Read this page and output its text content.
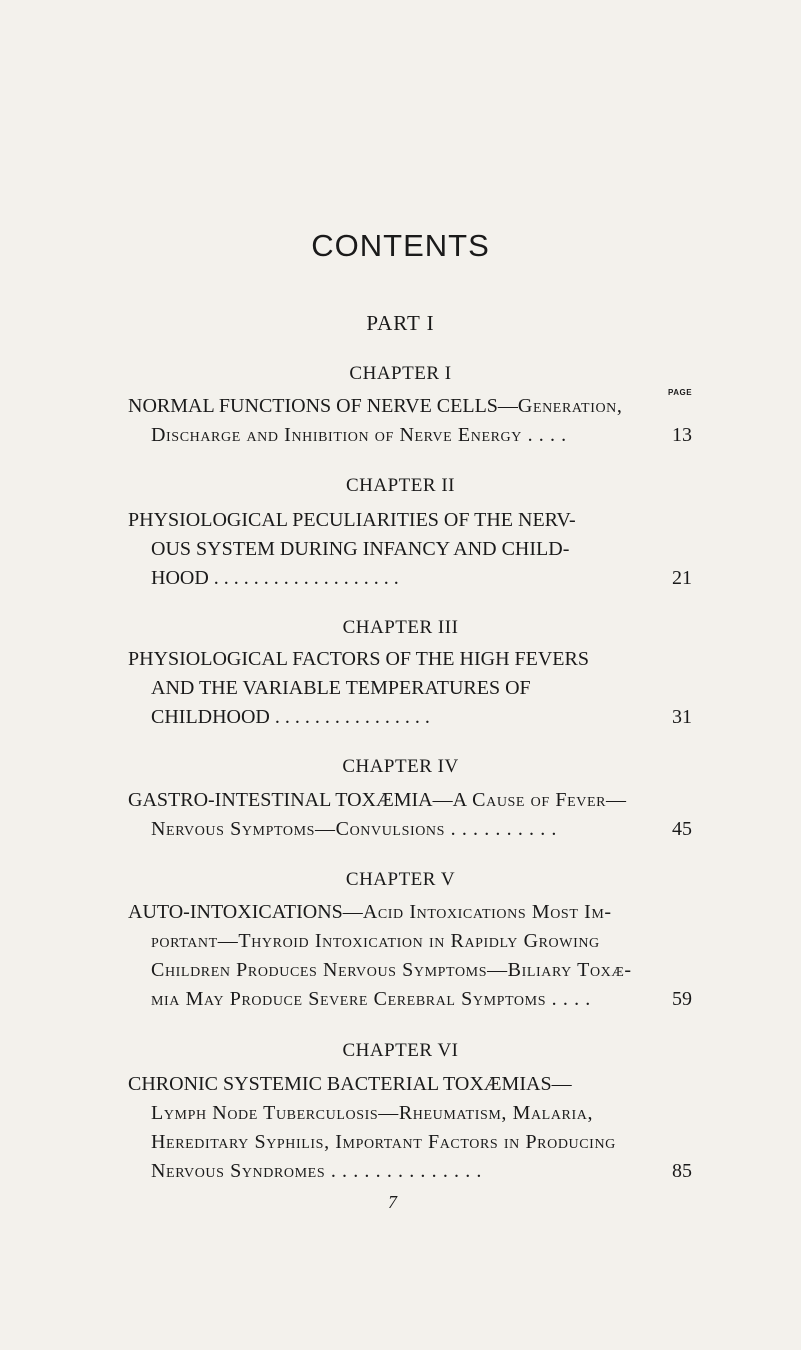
CONTENTS
PART I
PAGE
CHAPTER I
NORMAL FUNCTIONS OF NERVE CELLS—Generation,
Discharge and Inhibition of Nerve Energy . . . .	13
CHAPTER II
PHYSIOLOGICAL PECULIARITIES OF THE NERV-
OUS SYSTEM DURING INFANCY AND CHILD-
HOOD . . . . . . . . . . . . . . . . . . .	21
CHAPTER III
PHYSIOLOGICAL FACTORS OF THE HIGH FEVERS
AND THE VARIABLE TEMPERATURES OF
CHILDHOOD . . . . . . . . . . . . . . . .	31
CHAPTER IV
GASTRO-INTESTINAL TOXÆMIA—A Cause of Fever—
Nervous Symptoms—Convulsions . . . . . . . . . .	45
CHAPTER V
AUTO-INTOXICATIONS—Acid Intoxications Most Im-
portant—Thyroid Intoxication in Rapidly Growing
Children Produces Nervous Symptoms—Biliary Toxæ-
mia May Produce Severe Cerebral Symptoms . . . .	59
CHAPTER VI
CHRONIC SYSTEMIC BACTERIAL TOXÆMIAS—
Lymph Node Tuberculosis—Rheumatism, Malaria,
Hereditary Syphilis, Important Factors in Producing
Nervous Syndromes . . . . . . . . . . . . . .	85
7
